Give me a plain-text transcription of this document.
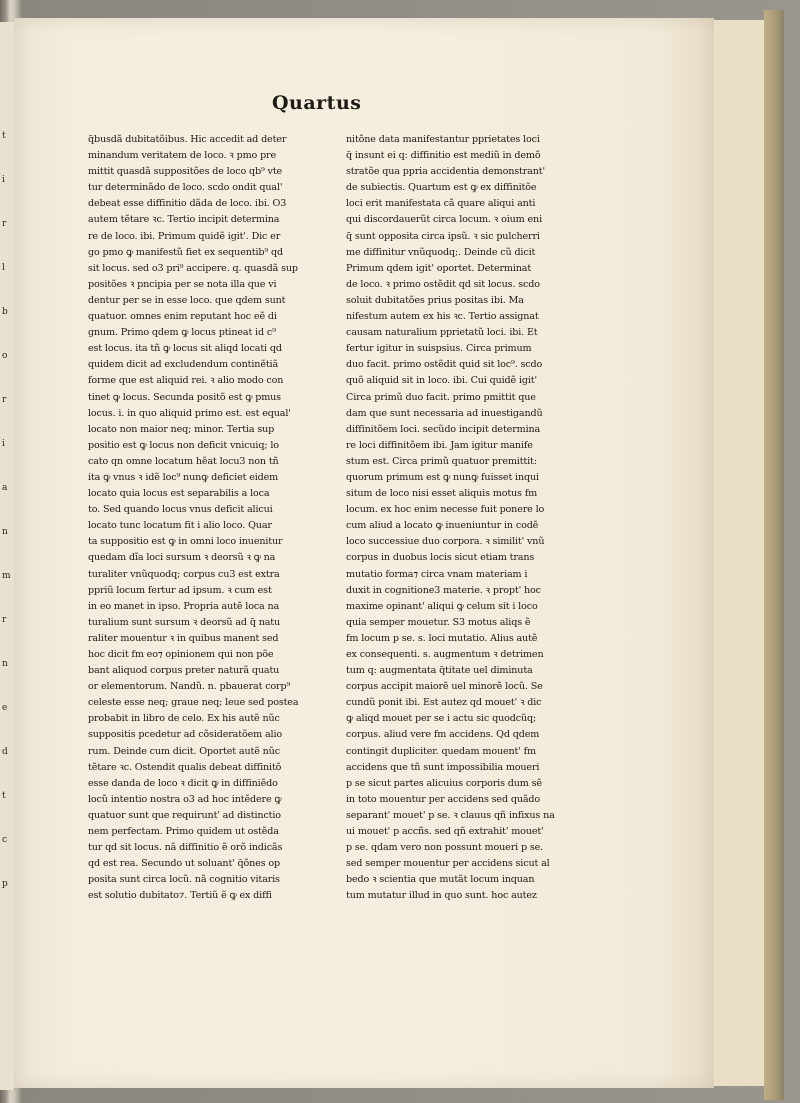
t
i
r
l
b
o
r
i
a
n
m
r
n
e
d
t
c
p
Quartus
q̃busdã dubitatõibus. Hic accedit ad deter
minandum veritatem de loco. ꝛ pmo pre
mittit quasdã suppositões de loco qb⁹ vte
tur determinãdo de loco. scdo ondit qual'
debeat esse diffinitio dãda de loco. ibi. O3
autem tẽtare ꝛc. Tertio incipit determina
re de loco. ibi. Primum quidẽ igit'. Dic er
go pmo ꝙ manifestũ fiet ex sequentib⁹ qd
sit locus. sed o3 pri⁹ accipere. q. quasdã sup
positões ꝛ pncipia per se nota illa que vi
dentur per se in esse loco. que qdem sunt
quatuor. omnes enim reputant hoc eẽ di
gnum. Primo qdem ꝙ locus ptineat id c⁹
est locus. ita tñ ꝙ locus sit aliqd locati qd
quidem dicit ad excludendum continẽtiã
forme que est aliquid rei. ꝛ alio modo con
tinet ꝙ locus. Secunda positõ est ꝙ pmus
locus. i. in quo aliquid primo est. est equal'
locato non maior neq; minor. Tertia sup
positio est ꝙ locus non deficit vnicuiq; lo
cato qn omne locatum hẽat locu3 non tñ
ita ꝙ vnus ꝛ idẽ loc⁹ nunꝙ deficiet eidem
locato quia locus est separabilis a loca
to. Sed quando locus vnus deficit alicui
locato tunc locatum fit i alio loco. Quar
ta suppositio est ꝙ in omni loco inuenitur
quedam dĩa loci sursum ꝛ deorsũ ꝛ ꝙ na
turaliter vnũquodq; corpus cu3 est extra
ppriũ locum fertur ad ipsum. ꝛ cum est
in eo manet in ipso. Propria autẽ loca na
turalium sunt sursum ꝛ deorsũ ad q̃ natu
raliter mouentur ꝛ in quibus manent sed
hoc dicit fm eo⁊ opinionem qui non põe
bant aliquod corpus preter naturã quatu
or elementorum. Nandũ. n. pbauerat corp⁹
celeste esse neq; graue neq; leue sed postea
probabit in libro de celo. Ex his autẽ nũc
suppositis pcedetur ad cõsideratõem alio
rum. Deinde cum dicit. Oportet autẽ nũc
tẽtare ꝛc. Ostendit qualis debeat diffinitõ
esse danda de loco ꝛ dicit ꝙ in diffiniẽdo
locũ intentio nostra o3 ad hoc intẽdere ꝙ
quatuor sunt que requirunt' ad distinctio
nem perfectam. Primo quidem ut ostẽda
tur qd sit locus. nã diffinitio ẽ orõ indicãs
qd est rea. Secundo ut soluant' q̃õnes op
posita sunt circa locũ. nã cognitio vitaris
est solutio dubitato⁊. Tertiũ ẽ ꝙ ex diffi
nitõne data manifestantur pprietates loci
q̃ insunt ei q: diffinitio est mediũ in demõ
stratõe qua ppria accidentia demonstrant'
de subiectis. Quartum est ꝙ ex diffinitõe
loci erit manifestata cã quare aliqui anti
qui discordauerũt circa locum. ꝛ oium eni
q̃ sunt opposita circa ipsũ. ꝛ sic pulcherri
me diffinitur vnũquodq;. Deinde cũ dicit
Primum qdem igit' oportet. Determinat
de loco. ꝛ primo ostẽdit qd sit locus. scdo
soluit dubitatões prius positas ibi. Ma
nifestum autem ex his ꝛc. Tertio assignat
causam naturalium pprietatũ loci. ibi. Et
fertur igitur in suispsius. Circa primum
duo facit. primo ostẽdit quid sit loc⁹. scdo
quõ aliquid sit in loco. ibi. Cui quidẽ igit'
Circa primũ duo facit. primo pmittit que
dam que sunt necessaria ad inuestigandũ
diffinitõem loci. secũdo incipit determina
re loci diffinitõem ibi. Jam igitur manife
stum est. Circa primũ quatuor premittit:
quorum primum est ꝙ nunꝙ fuisset inqui
situm de loco nisi esset aliquis motus fm
locum. ex hoc enim necesse fuit ponere lo
cum aliud a locato ꝙ inueniuntur in codẽ
loco successiue duo corpora. ꝛ similit' vnũ
corpus in duobus locis sicut etiam trans
mutatio forma⁊ circa vnam materiam i
duxit in cognitione3 materie. ꝛ propt' hoc
maxime opinant' aliqui ꝙ celum sit i loco
quia semper mouetur. S3 motus aliqs ẽ
fm locum p se. s. loci mutatio. Alius autẽ
ex consequenti. s. augmentum ꝛ detrimen
tum q: augmentata q̃titate uel diminuta
corpus accipit maiorẽ uel minorẽ locũ. Se
cundũ ponit ibi. Est autez qd mouet' ꝛ dic
ꝙ aliqd mouet per se i actu sic quodcũq;
corpus. aliud vere fm accidens. Qd qdem
contingit dupliciter. quedam mouent' fm
accidens que tñ sunt impossibilia moueri
p se sicut partes alicuius corporis dum sẽ
in toto mouentur per accidens sed quãdo
separant' mouet' p se. ꝛ clauus qñ infixus na
ui mouet' p accñs. sed qñ extrahit' mouet'
p se. qdam vero non possunt moueri p se.
sed semper mouentur per accidens sicut al
bedo ꝛ scientia que mutãt locum inquan
tum mutatur illud in quo sunt. hoc autez
